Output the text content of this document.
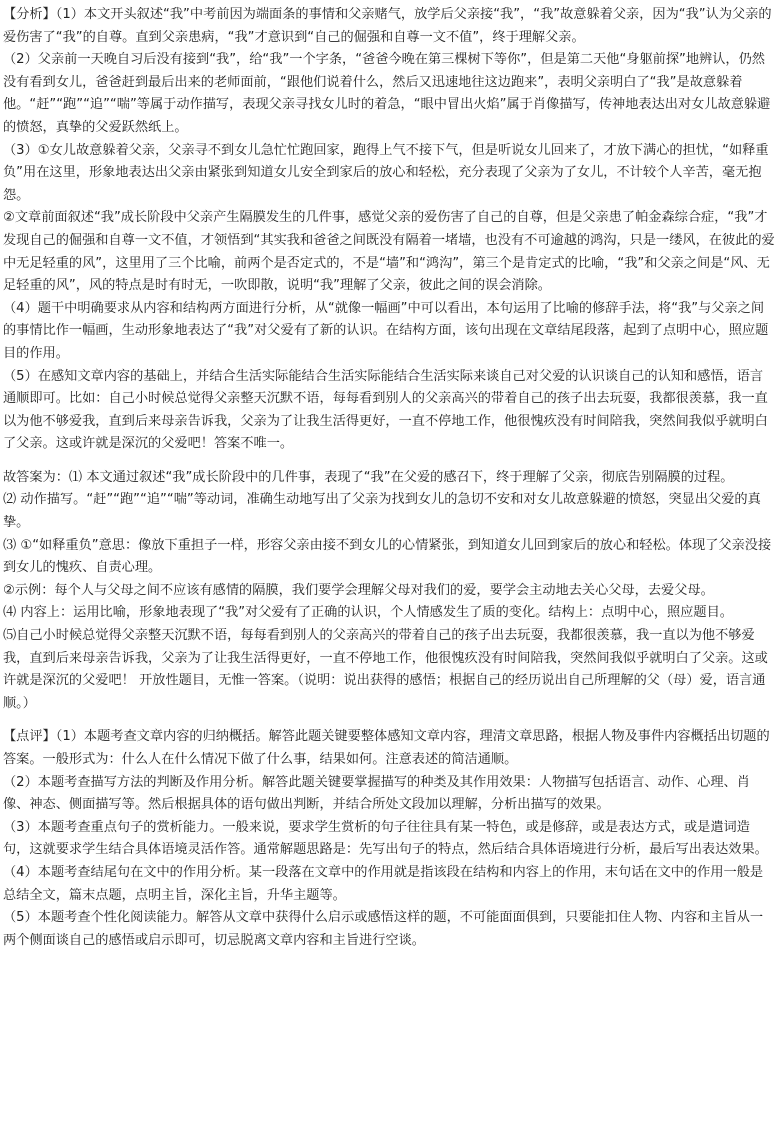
【分析】（1）本文开头叙述“我”中考前因为端面条的事情和父亲赌气，放学后父亲接“我”，“我”故意躲着父亲，因为“我”认为父亲的爱伤害了“我”的自尊。直到父亲患病，“我”才意识到“自己的倔强和自尊一文不值”，终于理解父亲。

（2）父亲前一天晚自习后没有接到“我”，给“我”一个字条，“爸爸今晚在第三棵树下等你”，但是第二天他“身躯前探”地辨认，仍然没有看到女儿，爸爸赶到最后出来的老师面前，“跟他们说着什么，然后又迅速地往这边跑来”，表明父亲明白了“我”是故意躲着他。“赶”“跑”“追”“喘”等属于动作描写，表现父亲寻找女儿时的着急，“眼中冒出火焰”属于肖像描写，传神地表达出对女儿故意躲避的愤怒，真挚的父爱跃然纸上。

（3）①女儿故意躲着父亲，父亲寻不到女儿急忙忙跑回家，跑得上气不接下气，但是听说女儿回来了，才放下满心的担忧，“如释重负”用在这里，形象地表达出父亲由紧张到知道女儿安全到家后的放心和轻松，充分表现了父亲为了女儿，不计较个人辛苦，毫无抱怨。

②文章前面叙述“我”成长阶段中父亲产生隔膜发生的几件事，感觉父亲的爱伤害了自己的自尊，但是父亲患了帕金森综合症，“我”才发现自己的倔强和自尊一文不值，才领悟到“其实我和爸爸之间既没有隔着一堵墙，也没有不可逾越的鸿沟，只是一缕风，在彼此的爱中无足轻重的风”，这里用了三个比喻，前两个是否定式的，不是“墙”和“鸿沟”，第三个是肯定式的比喻，“我”和父亲之间是“风、无足轻重的风”，风的特点是时有时无，一吹即散，说明“我”理解了父亲，彼此之间的误会消除。

（4）题干中明确要求从内容和结构两方面进行分析，从“就像一幅画”中可以看出，本句运用了比喻的修辞手法，将“我”与父亲之间的事情比作一幅画，生动形象地表达了“我”对父爱有了新的认识。在结构方面，该句出现在文章结尾段落，起到了点明中心，照应题目的作用。

（5）在感知文章内容的基础上，并结合生活实际能结合生活实际能结合生活实际来谈自己对父爱的认识谈自己的认知和感悟，语言通顺即可。比如：自己小时候总觉得父亲整天沉默不语，每每看到别人的父亲高兴的带着自己的孩子出去玩耍，我都很羡慕，我一直以为他不够爱我，直到后来母亲告诉我，父亲为了让我生活得更好，一直不停地工作，他很愧疚没有时间陪我，突然间我似乎就明白了父亲。这或许就是深沉的父爱吧！答案不唯一。

故答案为：⑴ 本文通过叙述“我”成长阶段中的几件事，表现了“我”在父爱的感召下，终于理解了父亲，彻底告别隔膜的过程。

⑵ 动作描写。“赶”“跑”“追”“喘”等动词，准确生动地写出了父亲为找到女儿的急切不安和对女儿故意躲避的愤怒，突显出父爱的真挚。

⑶ ①“如释重负”意思：像放下重担子一样，形容父亲由接不到女儿的心情紧张，到知道女儿回到家后的放心和轻松。体现了父亲没接到女儿的愧疚、自责心理。

②示例：每个人与父母之间不应该有感情的隔膜，我们要学会理解父母对我们的爱，要学会主动地去关心父母，去爱父母。

⑷ 内容上：运用比喻，形象地表现了“我”对父爱有了正确的认识，个人情感发生了质的变化。结构上：点明中心，照应题目。

⑸自己小时候总觉得父亲整天沉默不语，每每看到别人的父亲高兴的带着自己的孩子出去玩耍，我都很羡慕，我一直以为他不够爱我，直到后来母亲告诉我，父亲为了让我生活得更好，一直不停地工作，他很愧疚没有时间陪我，突然间我似乎就明白了父亲。这或许就是深沉的父爱吧！ 开放性题目，无惟一答案。（说明：说出获得的感悟；根据自己的经历说出自己所理解的父（母）爱，语言通顺。）

【点评】（1）本题考查文章内容的归纳概括。解答此题关键要整体感知文章内容，理清文章思路，根据人物及事件内容概括出切题的答案。一般形式为：什么人在什么情况下做了什么事，结果如何。注意表述的简洁通顺。

（2）本题考查描写方法的判断及作用分析。解答此题关键要掌握描写的种类及其作用效果：人物描写包括语言、动作、心理、肖像、神态、侧面描写等。然后根据具体的语句做出判断，并结合所处文段加以理解，分析出描写的效果。

（3）本题考查重点句子的赏析能力。一般来说，要求学生赏析的句子往往具有某一特色，或是修辞，或是表达方式，或是遣词造句，这就要求学生结合具体语境灵活作答。通常解题思路是：先写出句子的特点，然后结合具体语境进行分析，最后写出表达效果。

（4）本题考查结尾句在文中的作用分析。某一段落在文章中的作用就是指该段在结构和内容上的作用，末句话在文中的作用一般是总结全文，篇末点题，点明主旨，深化主旨，升华主题等。

（5）本题考查个性化阅读能力。解答从文章中获得什么启示或感悟这样的题，不可能面面俱到，只要能扣住人物、内容和主旨从一两个侧面谈自己的感悟或启示即可，切忌脱离文章内容和主旨进行空谈。
